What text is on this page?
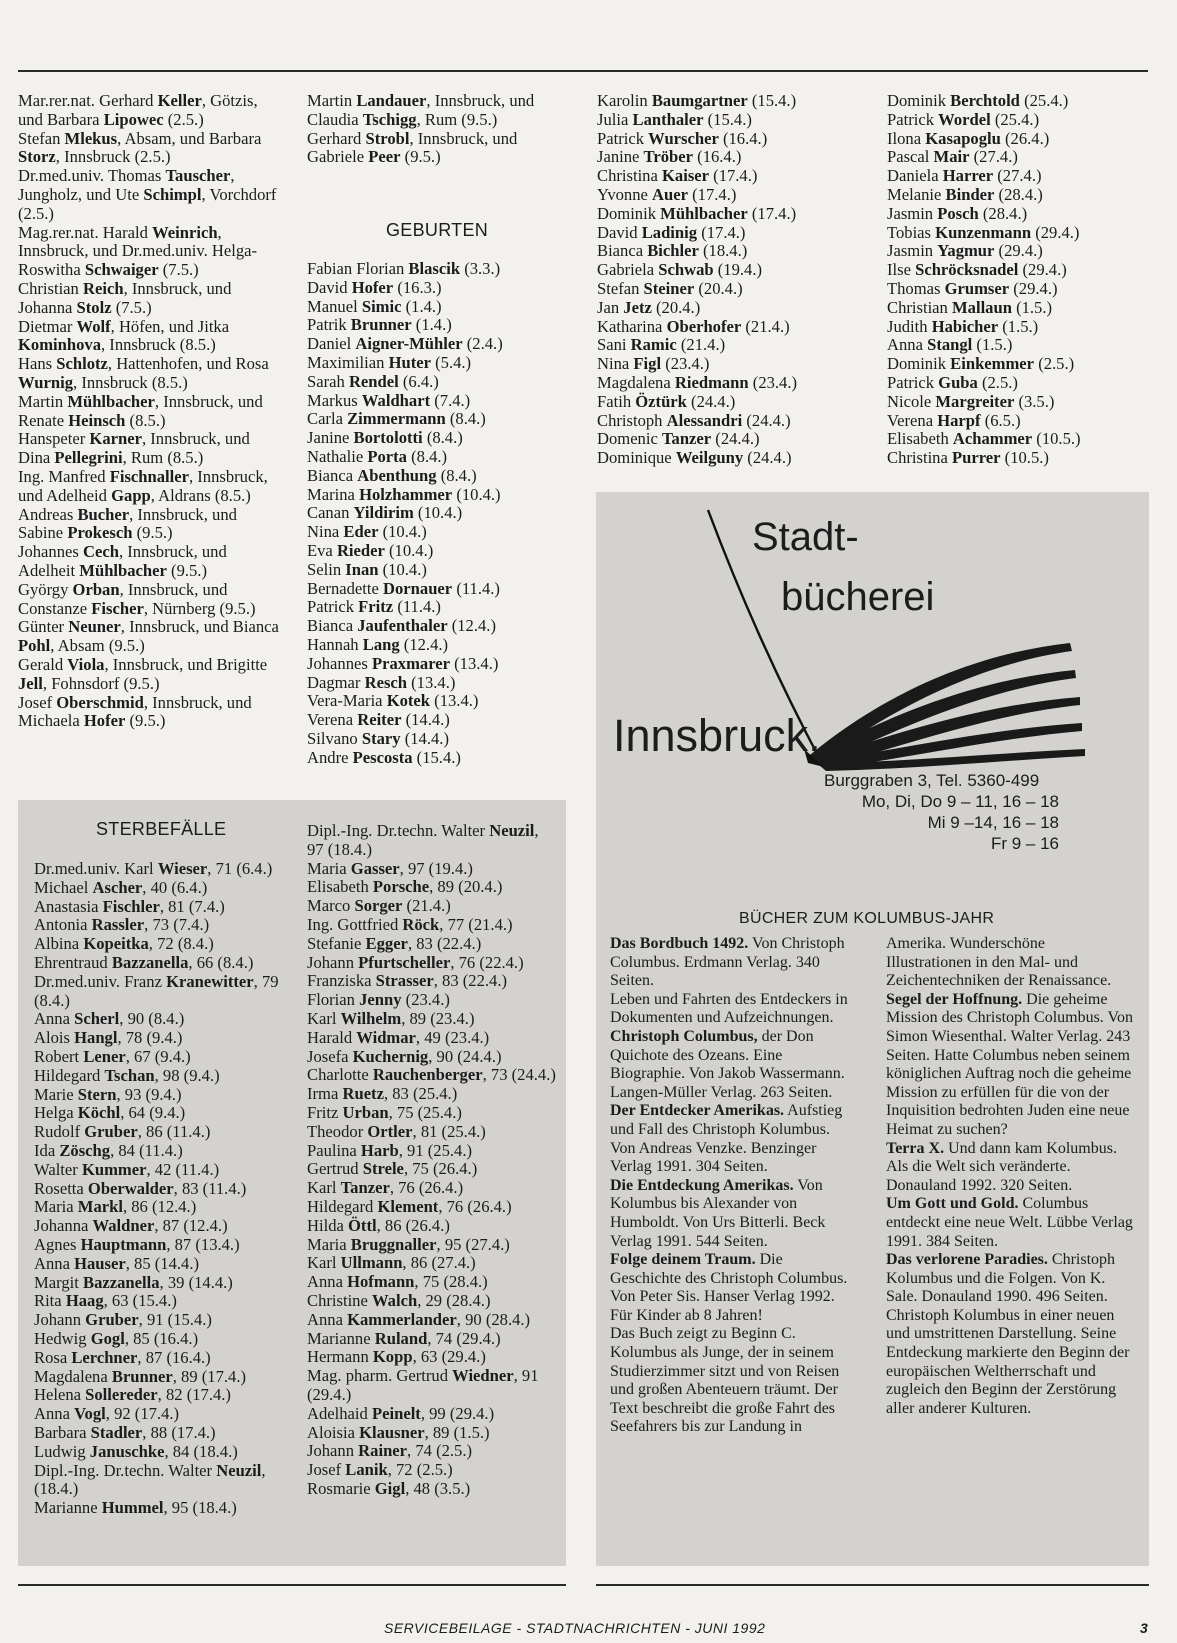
Mar.rer.nat. Gerhard Keller, Götzis, und Barbara Lipowec (2.5.)
Stefan Mlekus, Absam, und Barbara Storz, Innsbruck (2.5.)
Dr.med.univ. Thomas Tauscher, Jungholz, und Ute Schimpl, Vorchdorf (2.5.)
Mag.rer.nat. Harald Weinrich, Innsbruck, und Dr.med.univ. Helga-Roswitha Schwaiger (7.5.)
Christian Reich, Innsbruck, und Johanna Stolz (7.5.)
Dietmar Wolf, Höfen, und Jitka Kominhova, Innsbruck (8.5.)
Hans Schlotz, Hattenhofen, und Rosa Wurnig, Innsbruck (8.5.)
Martin Mühlbacher, Innsbruck, und Renate Heinsch (8.5.)
Hanspeter Karner, Innsbruck, und Dina Pellegrini, Rum (8.5.)
Ing. Manfred Fischnaller, Innsbruck, und Adelheid Gapp, Aldrans (8.5.)
Andreas Bucher, Innsbruck, und Sabine Prokesch (9.5.)
Johannes Cech, Innsbruck, und Adelheit Mühlbacher (9.5.)
György Orban, Innsbruck, und Constanze Fischer, Nürnberg (9.5.)
Günter Neuner, Innsbruck, und Bianca Pohl, Absam (9.5.)
Gerald Viola, Innsbruck, und Brigitte Jell, Fohnsdorf (9.5.)
Josef Oberschmid, Innsbruck, und Michaela Hofer (9.5.)
Martin Landauer, Innsbruck, und Claudia Tschigg, Rum (9.5.)
Gerhard Strobl, Innsbruck, und Gabriele Peer (9.5.)
GEBURTEN
Fabian Florian Blascik (3.3.)
David Hofer (16.3.)
Manuel Simic (1.4.)
Patrik Brunner (1.4.)
Daniel Aigner-Mühler (2.4.)
Maximilian Huter (5.4.)
Sarah Rendel (6.4.)
Markus Waldhart (7.4.)
Carla Zimmermann (8.4.)
Janine Bortolotti (8.4.)
Nathalie Porta (8.4.)
Bianca Abenthung (8.4.)
Marina Holzhammer (10.4.)
Canan Yildirim (10.4.)
Nina Eder (10.4.)
Eva Rieder (10.4.)
Selin Inan (10.4.)
Bernadette Dornauer (11.4.)
Patrick Fritz (11.4.)
Bianca Jaufenthaler (12.4.)
Hannah Lang (12.4.)
Johannes Praxmarer (13.4.)
Dagmar Resch (13.4.)
Vera-Maria Kotek (13.4.)
Verena Reiter (14.4.)
Silvano Stary (14.4.)
Andre Pescosta (15.4.)
Karolin Baumgartner (15.4.)
Julia Lanthaler (15.4.)
Patrick Wurscher (16.4.)
Janine Tröber (16.4.)
Christina Kaiser (17.4.)
Yvonne Auer (17.4.)
Dominik Mühlbacher (17.4.)
David Ladinig (17.4.)
Bianca Bichler (18.4.)
Gabriela Schwab (19.4.)
Stefan Steiner (20.4.)
Jan Jetz (20.4.)
Katharina Oberhofer (21.4.)
Sani Ramic (21.4.)
Nina Figl (23.4.)
Magdalena Riedmann (23.4.)
Fatih Öztürk (24.4.)
Christoph Alessandri (24.4.)
Domenic Tanzer (24.4.)
Dominique Weilguny (24.4.)
Dominik Berchtold (25.4.)
Patrick Wordel (25.4.)
Ilona Kasapoglu (26.4.)
Pascal Mair (27.4.)
Daniela Harrer (27.4.)
Melanie Binder (28.4.)
Jasmin Posch (28.4.)
Tobias Kunzenmann (29.4.)
Jasmin Yagmur (29.4.)
Ilse Schröcksnadel (29.4.)
Thomas Grumser (29.4.)
Christian Mallaun (1.5.)
Judith Habicher (1.5.)
Anna Stangl (1.5.)
Dominik Einkemmer (2.5.)
Patrick Guba (2.5.)
Nicole Margreiter (3.5.)
Verena Harpf (6.5.)
Elisabeth Achammer (10.5.)
Christina Purrer (10.5.)
STERBEFÄLLE
Dr.med.univ. Karl Wieser, 71 (6.4.)
Michael Ascher, 40 (6.4.)
Anastasia Fischler, 81 (7.4.)
Antonia Rassler, 73 (7.4.)
Albina Kopeitka, 72 (8.4.)
Ehrentraud Bazzanella, 66 (8.4.)
Dr.med.univ. Franz Kranewitter, 79 (8.4.)
Anna Scherl, 90 (8.4.)
Alois Hangl, 78 (9.4.)
Robert Lener, 67 (9.4.)
Hildegard Tschan, 98 (9.4.)
Marie Stern, 93 (9.4.)
Helga Köchl, 64 (9.4.)
Rudolf Gruber, 86 (11.4.)
Ida Zöschg, 84 (11.4.)
Walter Kummer, 42 (11.4.)
Rosetta Oberwalder, 83 (11.4.)
Maria Markl, 86 (12.4.)
Johanna Waldner, 87 (12.4.)
Agnes Hauptmann, 87 (13.4.)
Anna Hauser, 85 (14.4.)
Margit Bazzanella, 39 (14.4.)
Rita Haag, 63 (15.4.)
Johann Gruber, 91 (15.4.)
Hedwig Gogl, 85 (16.4.)
Rosa Lerchner, 87 (16.4.)
Magdalena Brunner, 89 (17.4.)
Helena Sollereder, 82 (17.4.)
Anna Vogl, 92 (17.4.)
Barbara Stadler, 88 (17.4.)
Ludwig Januschke, 84 (18.4.)
Dipl.-Ing. Dr.techn. Walter Neuzil, (18.4.)
Marianne Hummel, 95 (18.4.)
Dipl.-Ing. Dr.techn. Walter Neuzil, 97 (18.4.)
Maria Gasser, 97 (19.4.)
Elisabeth Porsche, 89 (20.4.)
Marco Sorger (21.4.)
Ing. Gottfried Röck, 77 (21.4.)
Stefanie Egger, 83 (22.4.)
Johann Pfurtscheller, 76 (22.4.)
Franziska Strasser, 83 (22.4.)
Florian Jenny (23.4.)
Karl Wilhelm, 89 (23.4.)
Harald Widmar, 49 (23.4.)
Josefa Kuchernig, 90 (24.4.)
Charlotte Rauchenberger, 73 (24.4.)
Irma Ruetz, 83 (25.4.)
Fritz Urban, 75 (25.4.)
Theodor Ortler, 81 (25.4.)
Paulina Harb, 91 (25.4.)
Gertrud Strele, 75 (26.4.)
Karl Tanzer, 76 (26.4.)
Hildegard Klement, 76 (26.4.)
Hilda Öttl, 86 (26.4.)
Maria Bruggnaller, 95 (27.4.)
Karl Ullmann, 86 (27.4.)
Anna Hofmann, 75 (28.4.)
Christine Walch, 29 (28.4.)
Anna Kammerlander, 90 (28.4.)
Marianne Ruland, 74 (29.4.)
Hermann Kopp, 63 (29.4.)
Mag. pharm. Gertrud Wiedner, 91 (29.4.)
Adelhaid Peinelt, 99 (29.4.)
Aloisia Klausner, 89 (1.5.)
Johann Rainer, 74 (2.5.)
Josef Lanik, 72 (2.5.)
Rosmarie Gigl, 48 (3.5.)
Stadt-
bücherei
Innsbruck,
Burggraben 3, Tel. 5360-499
Mo, Di, Do 9 – 11, 16 – 18
Mi 9 –14, 16 – 18
Fr 9 – 16
BÜCHER ZUM KOLUMBUS-JAHR
Das Bordbuch 1492. Von Christoph Columbus. Erdmann Verlag. 340 Seiten.
Leben und Fahrten des Entdeckers in Dokumenten und Aufzeichnungen.
Christoph Columbus, der Don Quichote des Ozeans. Eine Biographie. Von Jakob Wassermann. Langen-Müller Verlag. 263 Seiten.
Der Entdecker Amerikas. Aufstieg und Fall des Christoph Kolumbus. Von Andreas Venzke. Benzinger Verlag 1991. 304 Seiten.
Die Entdeckung Amerikas. Von Kolumbus bis Alexander von Humboldt. Von Urs Bitterli. Beck Verlag 1991. 544 Seiten.
Folge deinem Traum. Die Geschichte des Christoph Columbus. Von Peter Sis. Hanser Verlag 1992. Für Kinder ab 8 Jahren!
Das Buch zeigt zu Beginn C. Kolumbus als Junge, der in seinem Studierzimmer sitzt und von Reisen und großen Abenteuern träumt. Der Text beschreibt die große Fahrt des Seefahrers bis zur Landung in
Amerika. Wunderschöne Illustrationen in den Mal- und Zeichentechniken der Renaissance.
Segel der Hoffnung. Die geheime Mission des Christoph Columbus. Von Simon Wiesenthal. Walter Verlag. 243 Seiten. Hatte Columbus neben seinem königlichen Auftrag noch die geheime Mission zu erfüllen für die von der Inquisition bedrohten Juden eine neue Heimat zu suchen?
Terra X. Und dann kam Kolumbus. Als die Welt sich veränderte. Donauland 1992. 320 Seiten.
Um Gott und Gold. Columbus entdeckt eine neue Welt. Lübbe Verlag 1991. 384 Seiten.
Das verlorene Paradies. Christoph Kolumbus und die Folgen. Von K. Sale. Donauland 1990. 496 Seiten.
Christoph Kolumbus in einer neuen und umstrittenen Darstellung. Seine Entdeckung markierte den Beginn der europäischen Weltherrschaft und zugleich den Beginn der Zerstörung aller anderer Kulturen.
SERVICEBEILAGE - STADTNACHRICHTEN - JUNI 1992	3
